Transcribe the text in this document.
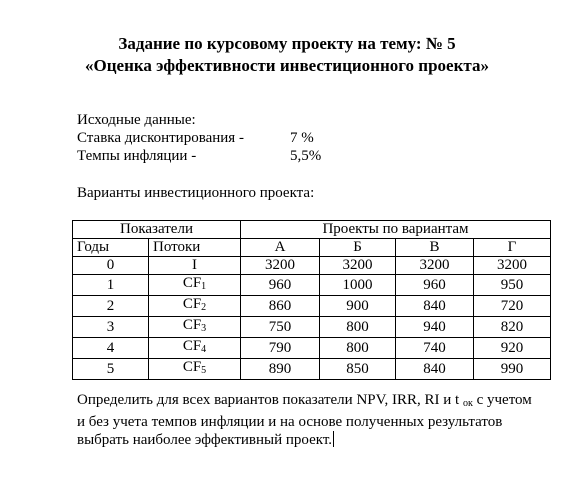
Задание по курсовому проекту на тему: № 5
«Оценка эффективности инвестиционного проекта»
Исходные данные:
Ставка дисконтирования -	7 %
Темпы инфляции -	5,5%
Варианты инвестиционного проекта:
Показатели		Проекты по вариантам			
Годы	Потоки	А	Б	В	Г
0	I	3200	3200	3200	3200
1	$CF_1$	960	1000	960	950
2	$CF_2$	860	900	840	720
3	$CF_3$	750	800	940	820
4	$CF_4$	790	800	740	920
5	$CF_5$	890	850	840	990
Определить для всех вариантов показатели NPV, IRR, RI и t $_{ок}$ с учетом и без учета темпов инфляции и на основе полученных результатов выбрать наиболее эффективный проект.
